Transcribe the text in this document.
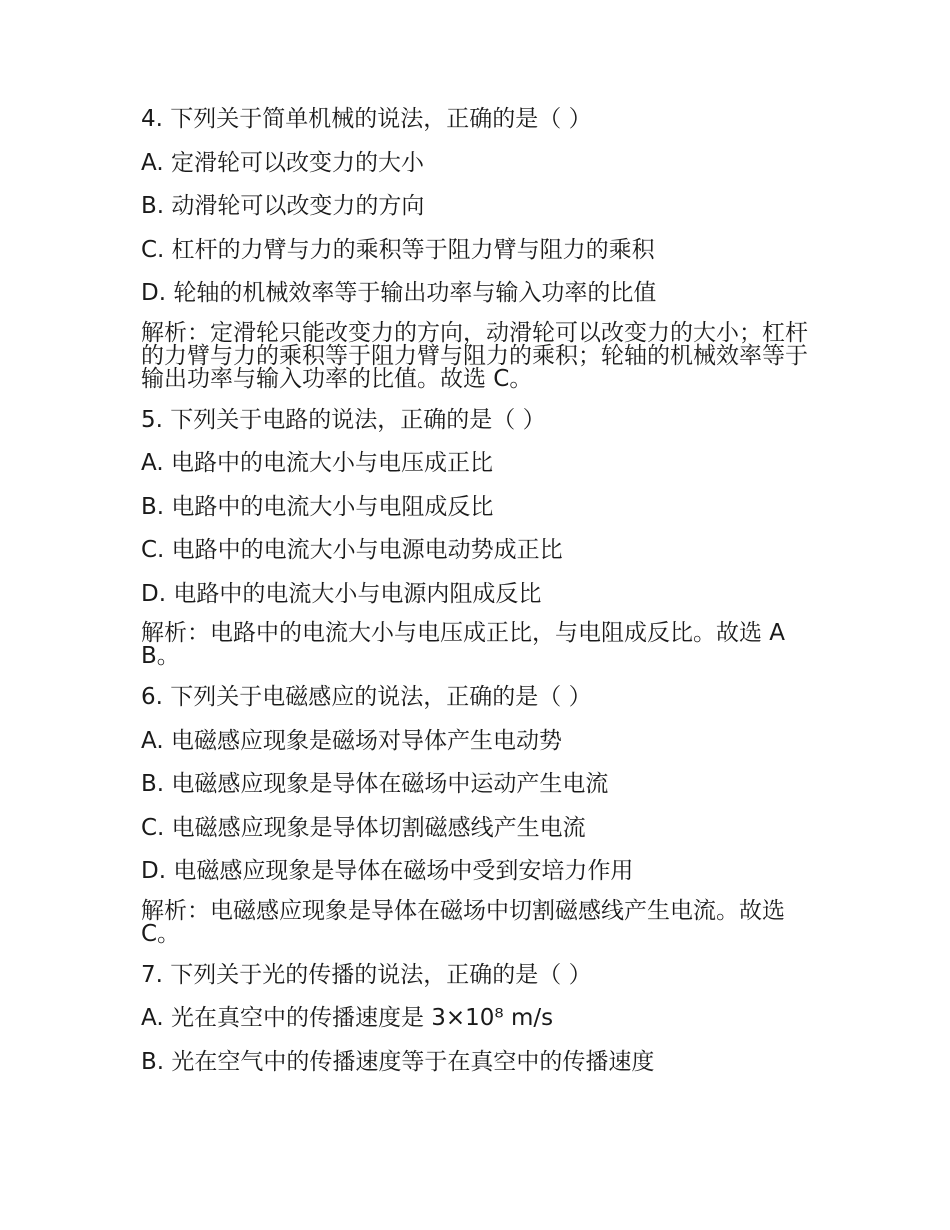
4. 下列关于简单机械的说法，正确的是（ ）
A. 定滑轮可以改变力的大小
B. 动滑轮可以改变力的方向
C. 杠杆的力臂与力的乘积等于阻力臂与阻力的乘积
D. 轮轴的机械效率等于输出功率与输入功率的比值
解析：定滑轮只能改变力的方向，动滑轮可以改变力的大小；杠杆的力臂与力的乘积等于阻力臂与阻力的乘积；轮轴的机械效率等于输出功率与输入功率的比值。故选 C。
5. 下列关于电路的说法，正确的是（ ）
A. 电路中的电流大小与电压成正比
B. 电路中的电流大小与电阻成反比
C. 电路中的电流大小与电源电动势成正比
D. 电路中的电流大小与电源内阻成反比
解析：电路中的电流大小与电压成正比，与电阻成反比。故选 AB。
6. 下列关于电磁感应的说法，正确的是（ ）
A. 电磁感应现象是磁场对导体产生电动势
B. 电磁感应现象是导体在磁场中运动产生电流
C. 电磁感应现象是导体切割磁感线产生电流
D. 电磁感应现象是导体在磁场中受到安培力作用
解析：电磁感应现象是导体在磁场中切割磁感线产生电流。故选 C。
7. 下列关于光的传播的说法，正确的是（ ）
A. 光在真空中的传播速度是 3×10⁸ m/s
B. 光在空气中的传播速度等于在真空中的传播速度
